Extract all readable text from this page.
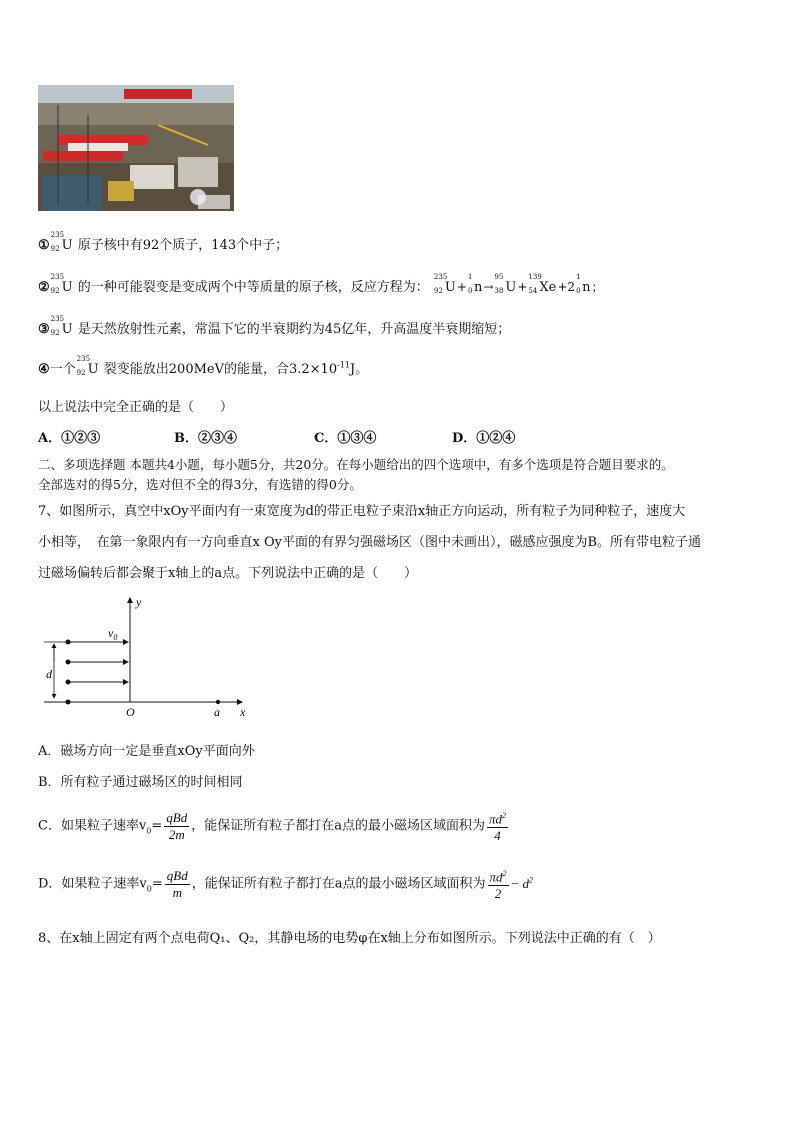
①
235
92 U 原子核中有92个质子，143个中子；
②
235
92 U 的一种可能裂变是变成两个中等质量的原子核，反应方程为：
235
92 U+
1
0 n→
95
38 U+
139
54 Xe+2
1
0 n；
③
235
92 U 是天然放射性元素，常温下它的半衰期约为45亿年，升高温度半衰期缩短；
④一个
235
92 U 裂变能放出200MeV的能量，合$3.2\times 10^{-11}J$。
以上说法中完全正确的是（　　）
A．①②③	B．②③④	C．①③④	D．①②④
二、多项选择题 本题共4小题，每小题5分，共20分。在每小题给出的四个选项中，有多个选项是符合题目要求的。
全部选对的得5分，选对但不全的得3分，有选错的得0分。
7、如图所示，真空中xOy平面内有一束宽度为d的带正电粒子束沿x轴正方向运动，所有粒子为同种粒子，速度大
小相等，　在第一象限内有一方向垂直x Oy平面的有界匀强磁场区（图中未画出），磁感应强度为B。所有带电粒子通
过磁场偏转后都会聚于x轴上的a点。下列说法中正确的是（　　）
y
x
O	a
d
$v_0$
A．磁场方向一定是垂直xOy平面向外
B．所有粒子通过磁场区的时间相同
C．如果粒子速率$v_0= \frac{\text{qBd}}{2m}$ ，能保证所有粒子都打在a点的最小磁场区域面积为 $\frac{\pi d^2}{4}$
D．如果粒子速率$v_0= \frac{\text{qBd}}{m}$ ，能保证所有粒子都打在a点的最小磁场区域面积为 $\frac{\pi d^2}{2} - d^2$
8、在x轴上固定有两个点电荷Q₁、Q₂，其静电场的电势φ在x轴上分布如图所示。下列说法中正确的有（　）
